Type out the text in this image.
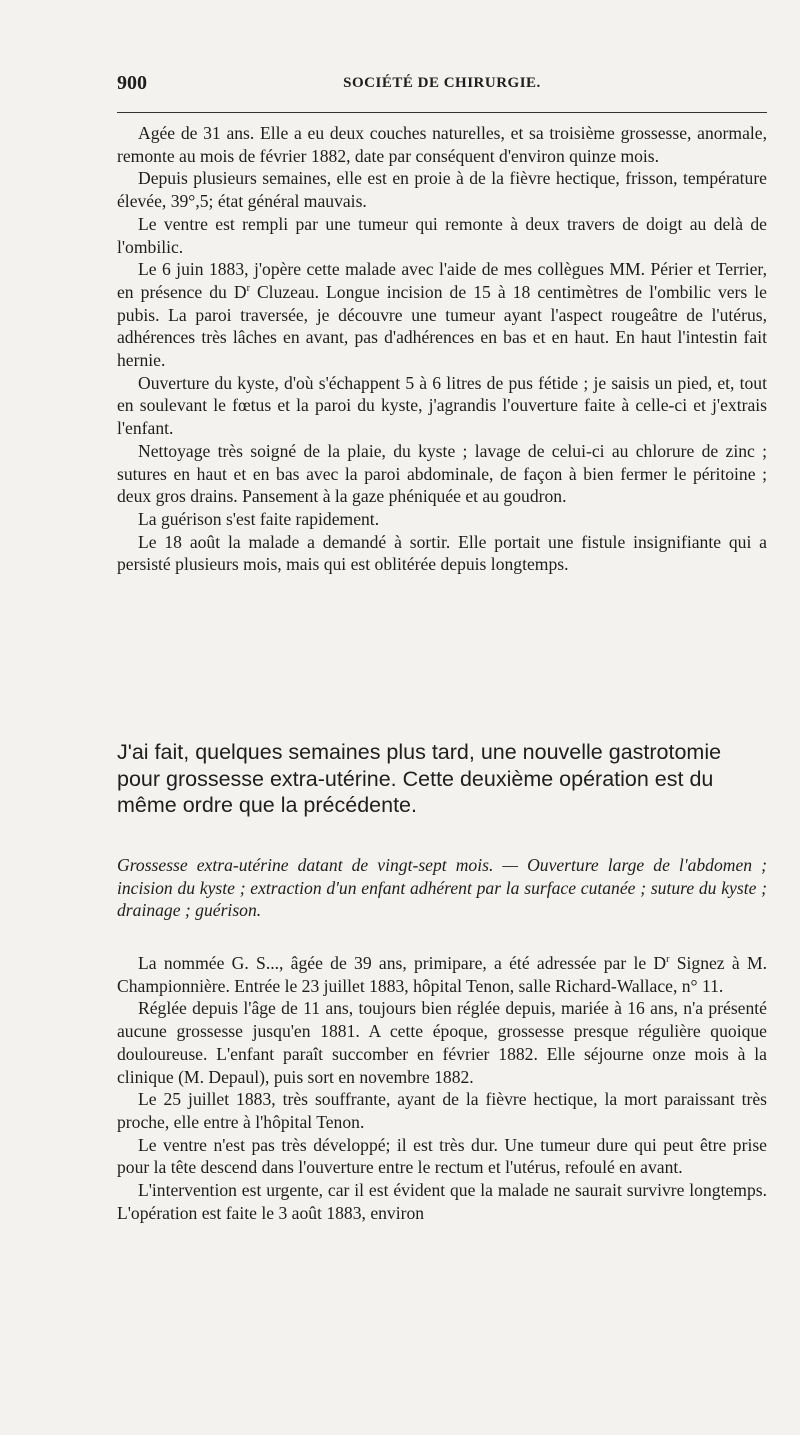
900	SOCIÉTÉ DE CHIRURGIE.

Agée de 31 ans. Elle a eu deux couches naturelles, et sa troisième grossesse, anormale, remonte au mois de février 1882, date par conséquent d'environ quinze mois.

Depuis plusieurs semaines, elle est en proie à de la fièvre hectique, frisson, température élevée, 39°,5; état général mauvais.

Le ventre est rempli par une tumeur qui remonte à deux travers de doigt au delà de l'ombilic.

Le 6 juin 1883, j'opère cette malade avec l'aide de mes collègues MM. Périer et Terrier, en présence du $D^r$ Cluzeau. Longue incision de 15 à 18 centimètres de l'ombilic vers le pubis. La paroi traversée, je découvre une tumeur ayant l'aspect rougeâtre de l'utérus, adhérences très lâches en avant, pas d'adhérences en bas et en haut. En haut l'intestin fait hernie.

Ouverture du kyste, d'où s'échappent 5 à 6 litres de pus fétide ; je saisis un pied, et, tout en soulevant le fœtus et la paroi du kyste, j'agrandis l'ouverture faite à celle-ci et j'extrais l'enfant.

Nettoyage très soigné de la plaie, du kyste ; lavage de celui-ci au chlorure de zinc ; sutures en haut et en bas avec la paroi abdominale, de façon à bien fermer le péritoine ; deux gros drains. Pansement à la gaze phéniquée et au goudron.

La guérison s'est faite rapidement.

Le 18 août la malade a demandé à sortir. Elle portait une fistule insignifiante qui a persisté plusieurs mois, mais qui est oblitérée depuis longtemps.

J'ai fait, quelques semaines plus tard, une nouvelle gastrotomie pour grossesse extra-utérine. Cette deuxième opération est du même ordre que la précédente.

Grossesse extra-utérine datant de vingt-sept mois. — Ouverture large de l'abdomen ; incision du kyste ; extraction d'un enfant adhérent par la surface cutanée ; suture du kyste ; drainage ; guérison.

La nommée G. S..., âgée de 39 ans, primipare, a été adressée par le $D^r$ Signez à M. Championnière. Entrée le 23 juillet 1883, hôpital Tenon, salle Richard-Wallace, n° 11.

Réglée depuis l'âge de 11 ans, toujours bien réglée depuis, mariée à 16 ans, n'a présenté aucune grossesse jusqu'en 1881. A cette époque, grossesse presque régulière quoique douloureuse. L'enfant paraît succomber en février 1882. Elle séjourne onze mois à la clinique (M. Depaul), puis sort en novembre 1882.

Le 25 juillet 1883, très souffrante, ayant de la fièvre hectique, la mort paraissant très proche, elle entre à l'hôpital Tenon.

Le ventre n'est pas très développé; il est très dur. Une tumeur dure qui peut être prise pour la tête descend dans l'ouverture entre le rectum et l'utérus, refoulé en avant.

L'intervention est urgente, car il est évident que la malade ne saurait survivre longtemps. L'opération est faite le 3 août 1883, environ
